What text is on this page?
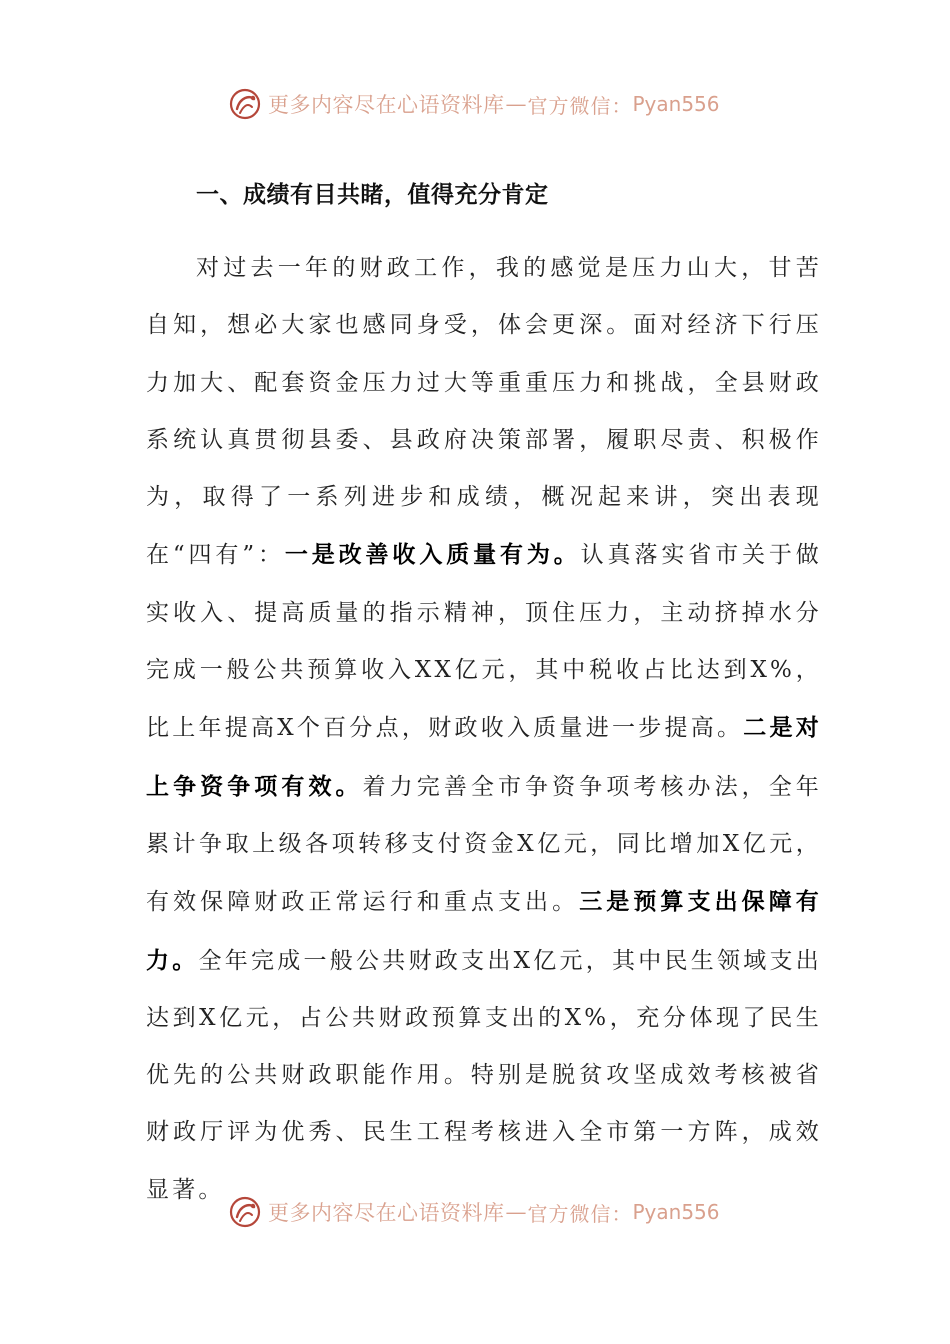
更多内容尽在心语资料库 — 官方微信： Pyan556
一、成绩有目共睹，值得充分肯定

对过去一年的财政工作，我的感觉是压力山大，甘苦自知，想必大家也感同身受，体会更深。面对经济下行压力加大、配套资金压力过大等重重压力和挑战，全县财政系统认真贯彻县委、县政府决策部署，履职尽责、积极作为，取得了一系列进步和成绩，概况起来讲，突出表现在“四有”：一是改善收入质量有为。认真落实省市关于做实收入、提高质量的指示精神，顶住压力，主动挤掉水分完成一般公共预算收入XX亿元，其中税收占比达到X%，比上年提高X个百分点，财政收入质量进一步提高。二是对上争资争项有效。着力完善全市争资争项考核办法，全年累计争取上级各项转移支付资金X亿元，同比增加X亿元，有效保障财政正常运行和重点支出。三是预算支出保障有力。全年完成一般公共财政支出X亿元，其中民生领域支出达到X亿元，占公共财政预算支出的X%，充分体现了民生优先的公共财政职能作用。特别是脱贫攻坚成效考核被省财政厅评为优秀、民生工程考核进入全市第一方阵，成效显著。

更多内容尽在心语资料库 — 官方微信： Pyan556
